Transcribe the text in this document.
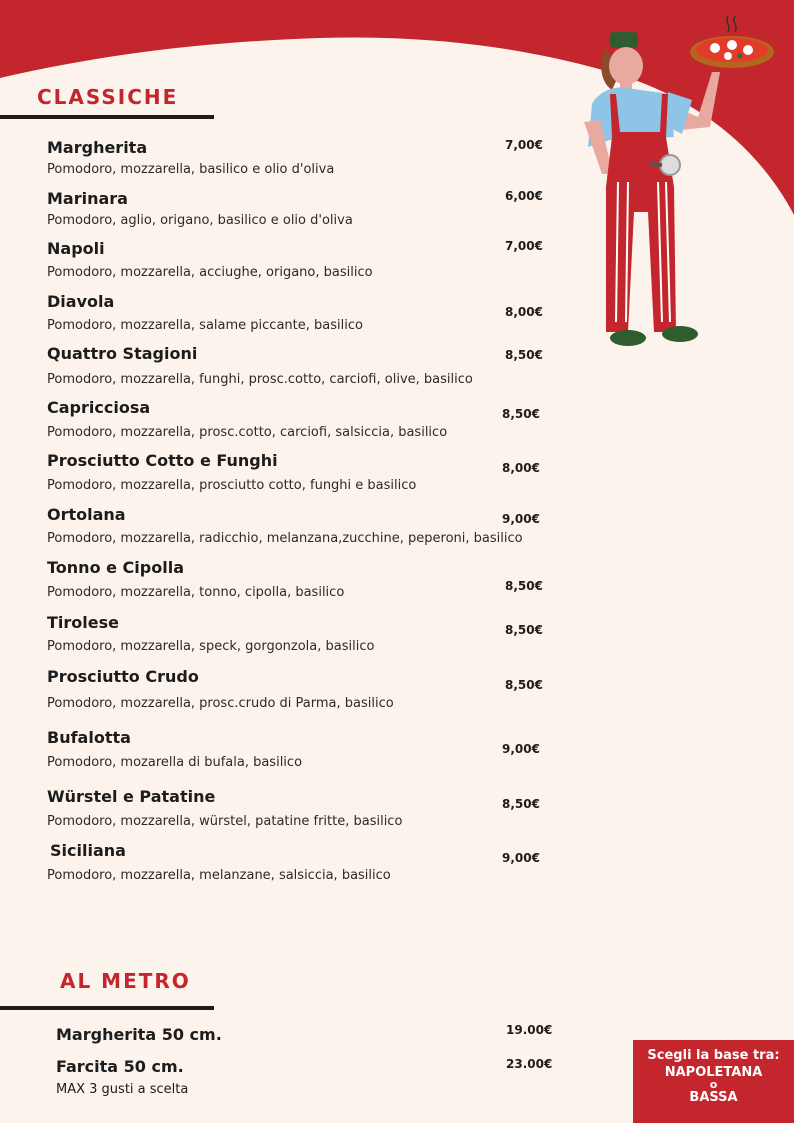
CLASSICHE
Margherita
Pomodoro, mozzarella, basilico e olio d'oliva
7,00€
Marinara
Pomodoro, aglio, origano, basilico e olio d'oliva
6,00€
Napoli
Pomodoro, mozzarella, acciughe, origano, basilico
7,00€
Diavola
Pomodoro, mozzarella, salame piccante, basilico
8,00€
Quattro Stagioni
Pomodoro, mozzarella, funghi, prosc.cotto, carciofi, olive, basilico
8,50€
Capricciosa
Pomodoro, mozzarella, prosc.cotto, carciofi, salsiccia, basilico
8,50€
Prosciutto Cotto e Funghi
Pomodoro, mozzarella, prosciutto cotto, funghi e basilico
8,00€
Ortolana
Pomodoro, mozzarella, radicchio, melanzana,zucchine, peperoni, basilico
9,00€
Tonno e Cipolla
Pomodoro, mozzarella, tonno, cipolla, basilico	8,50€
Tirolese
Pomodoro, mozzarella, speck, gorgonzola, basilico
8,50€
Prosciutto Crudo
Pomodoro, mozzarella, prosc.crudo di Parma, basilico
8,50€
Bufalotta
Pomodoro, mozarella di bufala, basilico
9,00€
Würstel e Patatine
Pomodoro, mozzarella, würstel, patatine fritte, basilico
8,50€
Siciliana
Pomodoro, mozzarella, melanzane, salsiccia, basilico
9,00€
AL METRO
Margherita 50 cm.	19.00€
Farcita 50 cm.	23.00€
MAX 3 gusti a scelta
Scegli la base tra:
NAPOLETANA
o
BASSA
